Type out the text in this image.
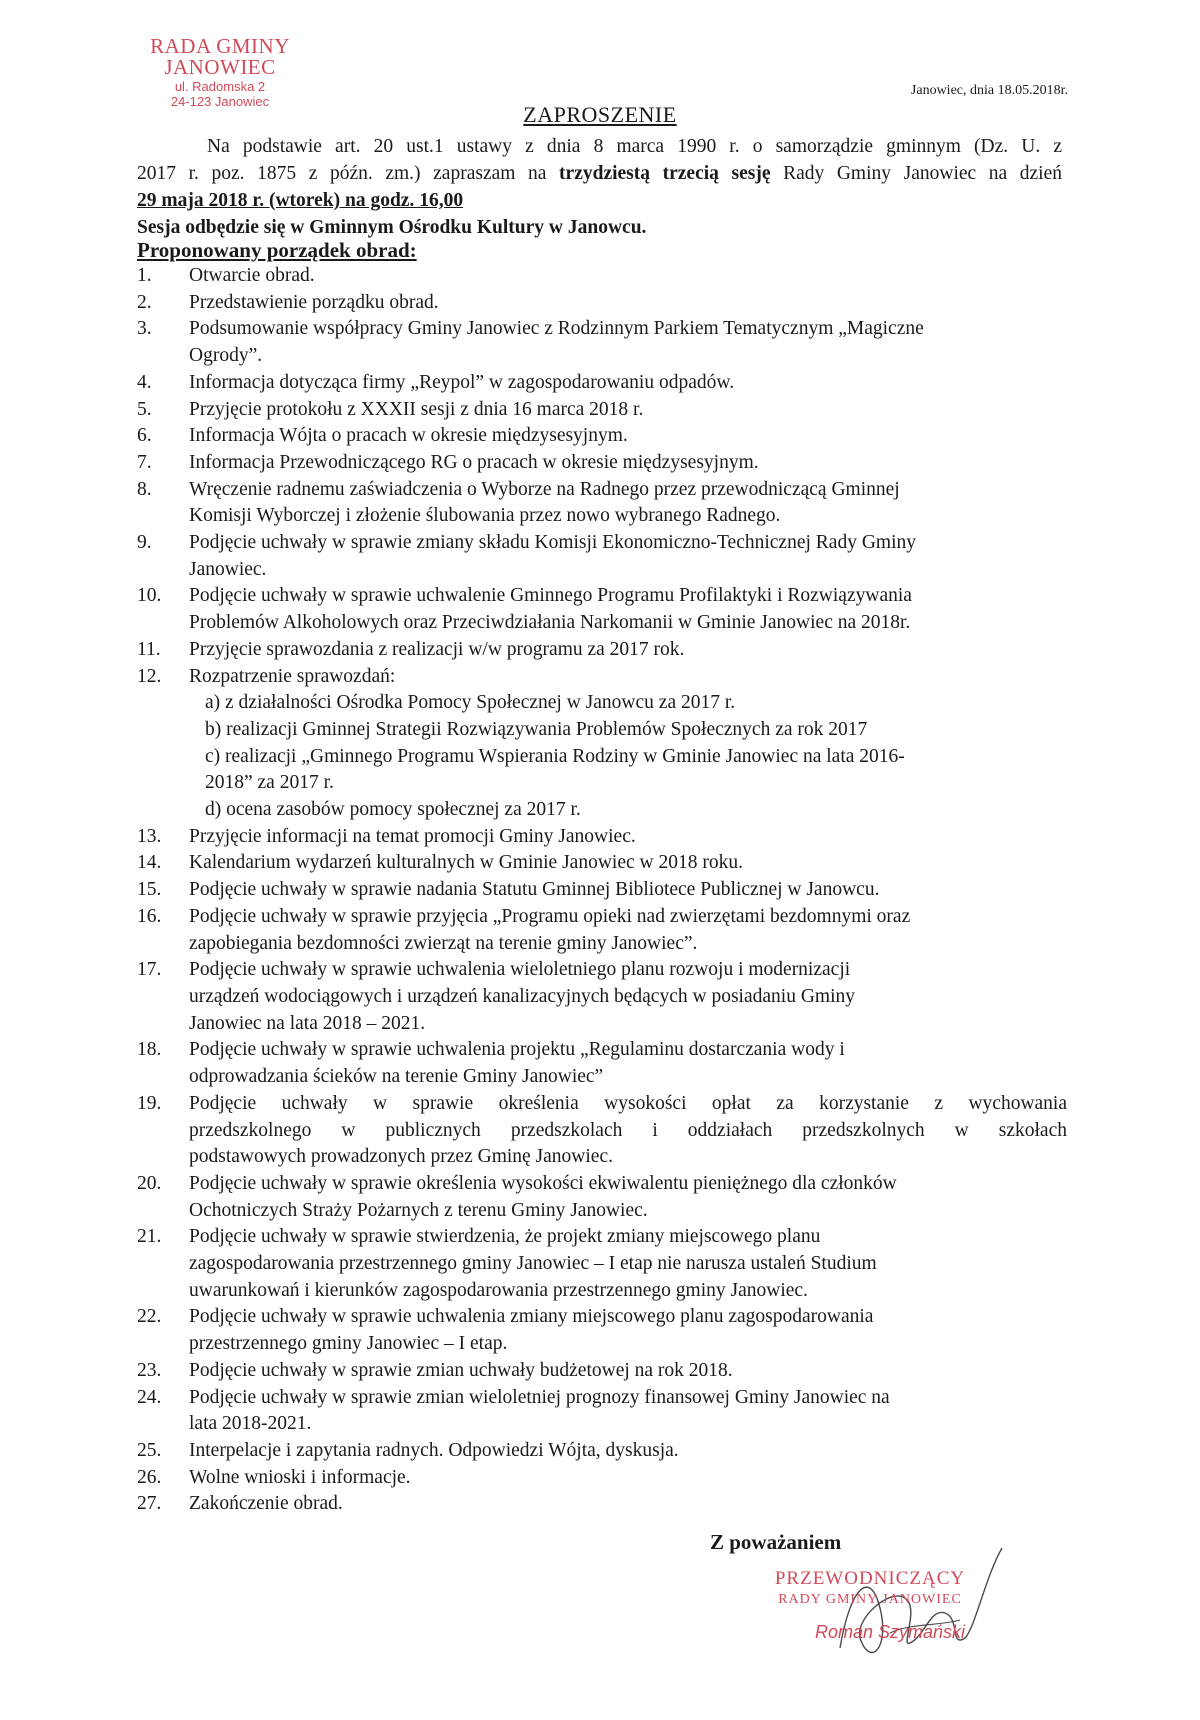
RADA GMINY
JANOWIEC
ul. Radomska 2
24-123 Janowiec
Janowiec, dnia 18.05.2018r.
ZAPROSZENIE

Na podstawie art. 20 ust.1 ustawy z dnia 8 marca 1990 r. o samorządzie gminnym (Dz. U. z

2017 r. poz. 1875 z późn. zm.) zapraszam na trzydziestą trzecią sesję Rady Gminy Janowiec na dzień

29 maja 2018 r. (wtorek) na godz. 16,00

Sesja odbędzie się w Gminnym Ośrodku Kultury w Janowcu.

Proponowany porządek obrad:
1.	Otwarcie obrad.
2.	Przedstawienie porządku obrad.
3.	Podsumowanie współpracy Gminy Janowiec z Rodzinnym Parkiem Tematycznym „Magiczne
Ogrody”.
4.	Informacja dotycząca firmy „Reypol” w zagospodarowaniu odpadów.
5.	Przyjęcie protokołu z XXXII sesji z dnia 16 marca 2018 r.
6.	Informacja Wójta o pracach w okresie międzysesyjnym.
7.	Informacja Przewodniczącego RG o pracach w okresie międzysesyjnym.
8.	Wręczenie radnemu zaświadczenia o Wyborze na Radnego przez przewodniczącą Gminnej
Komisji Wyborczej i złożenie ślubowania przez nowo wybranego Radnego.
9.	Podjęcie uchwały w sprawie zmiany składu Komisji Ekonomiczno-Technicznej Rady Gminy
Janowiec.
10.	Podjęcie uchwały w sprawie uchwalenie Gminnego Programu Profilaktyki i Rozwiązywania
Problemów Alkoholowych oraz Przeciwdziałania Narkomanii w Gminie Janowiec na 2018r.
11.	Przyjęcie sprawozdania z realizacji w/w programu za 2017 rok.
12.	Rozpatrzenie sprawozdań:
a) z działalności Ośrodka Pomocy Społecznej w Janowcu za 2017 r.
b) realizacji Gminnej Strategii Rozwiązywania Problemów Społecznych za rok 2017
c) realizacji „Gminnego Programu Wspierania Rodziny w Gminie Janowiec na lata 2016-
2018” za 2017 r.
d) ocena zasobów pomocy społecznej za 2017 r.
13.	Przyjęcie informacji na temat promocji Gminy Janowiec.
14.	Kalendarium wydarzeń kulturalnych w Gminie Janowiec w 2018 roku.
15.	Podjęcie uchwały w sprawie nadania Statutu Gminnej Bibliotece Publicznej w Janowcu.
16.	Podjęcie uchwały w sprawie przyjęcia „Programu opieki nad zwierzętami bezdomnymi oraz
zapobiegania bezdomności zwierząt na terenie gminy Janowiec”.
17.	Podjęcie uchwały w sprawie uchwalenia wieloletniego planu rozwoju i modernizacji
urządzeń wodociągowych i urządzeń kanalizacyjnych będących w posiadaniu Gminy
Janowiec na lata 2018 – 2021.
18.	Podjęcie uchwały w sprawie uchwalenia projektu „Regulaminu dostarczania wody i
odprowadzania ścieków na terenie Gminy Janowiec”
19.	Podjęcie uchwały w sprawie określenia wysokości opłat za korzystanie z wychowania
przedszkolnego w publicznych przedszkolach i oddziałach przedszkolnych w szkołach
podstawowych prowadzonych przez Gminę Janowiec.
20.	Podjęcie uchwały w sprawie określenia wysokości ekwiwalentu pieniężnego dla członków
Ochotniczych Straży Pożarnych z terenu Gminy Janowiec.
21.	Podjęcie uchwały w sprawie stwierdzenia, że projekt zmiany miejscowego planu
zagospodarowania przestrzennego gminy Janowiec – I etap nie narusza ustaleń Studium
uwarunkowań i kierunków zagospodarowania przestrzennego gminy Janowiec.
22.	Podjęcie uchwały w sprawie uchwalenia zmiany miejscowego planu zagospodarowania
przestrzennego gminy Janowiec – I etap.
23.	Podjęcie uchwały w sprawie zmian uchwały budżetowej na rok 2018.
24.	Podjęcie uchwały w sprawie zmian wieloletniej prognozy finansowej Gminy Janowiec na
lata 2018-2021.
25.	Interpelacje i zapytania radnych. Odpowiedzi Wójta, dyskusja.
26.	Wolne wnioski i informacje.
27.	Zakończenie obrad.
Z poważaniem
PRZEWODNICZĄCY
RADY GMINY JANOWIEC
Roman Szymański
